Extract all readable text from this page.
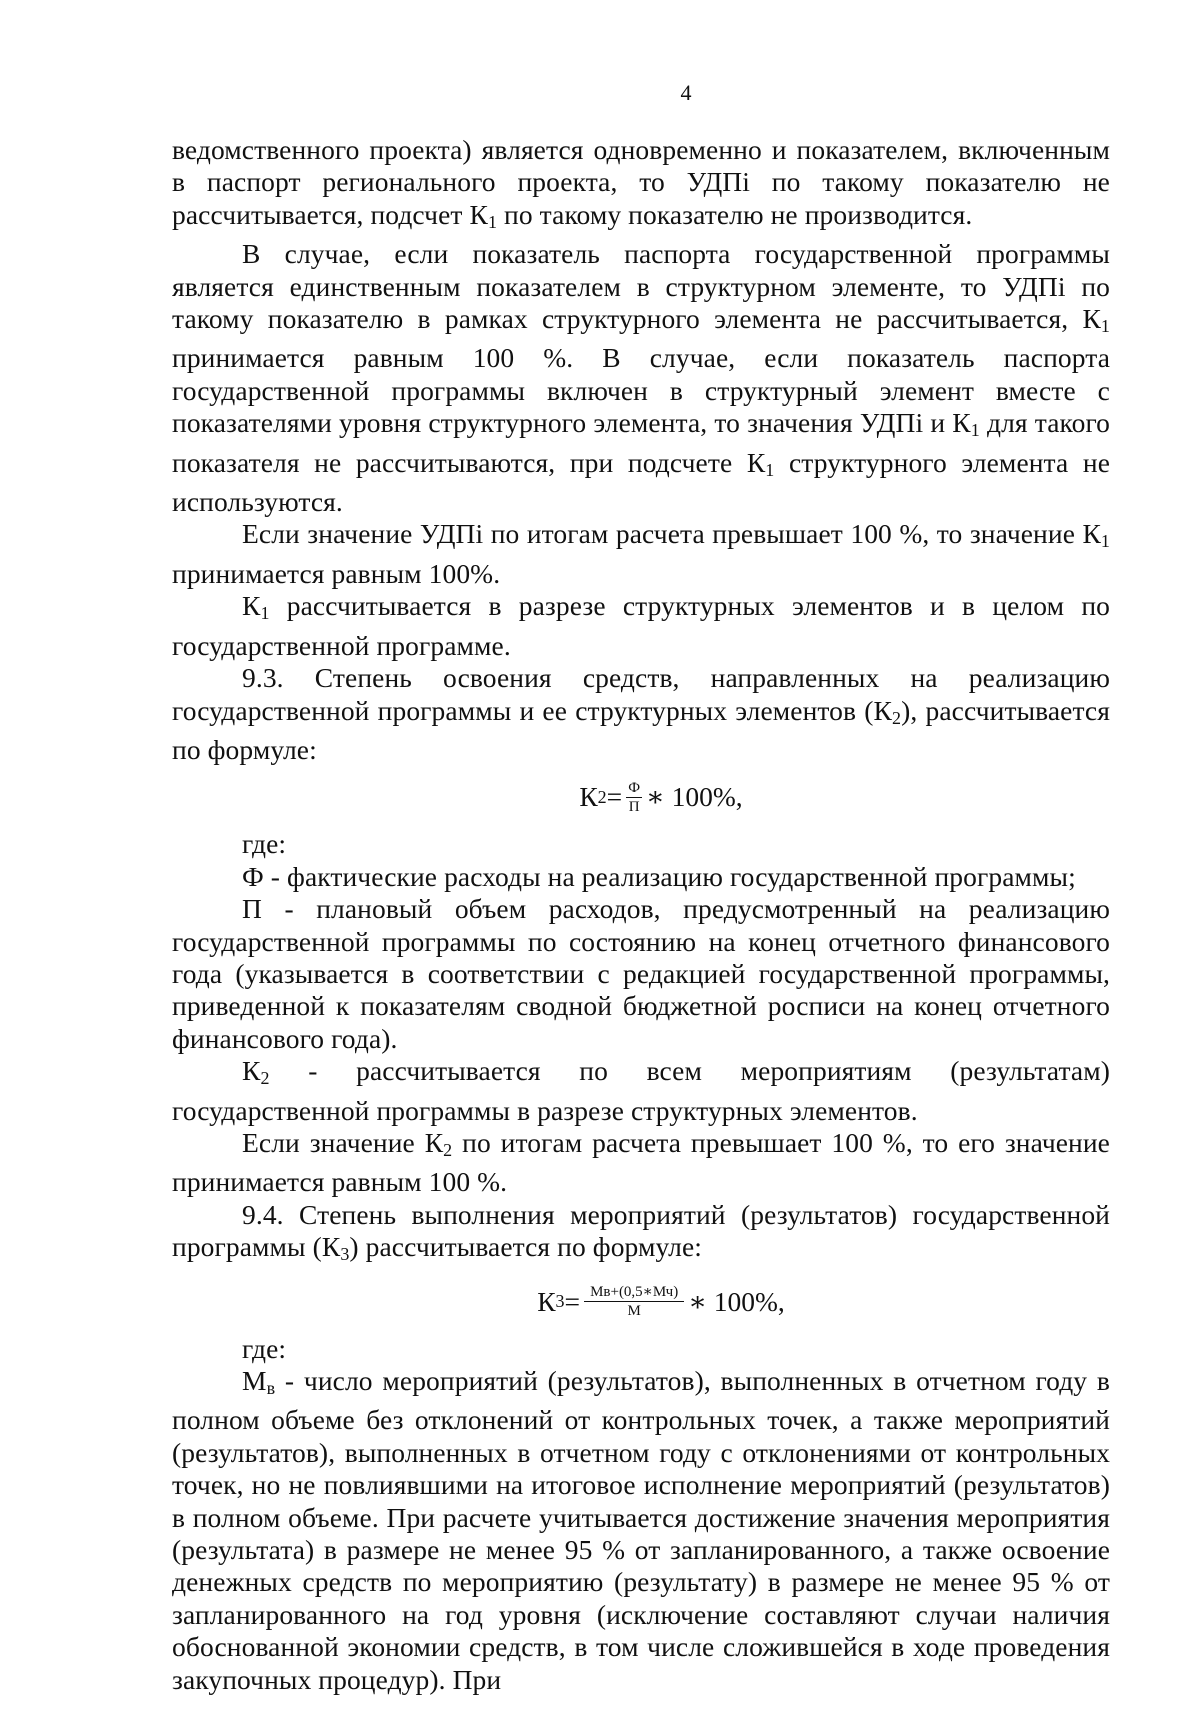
4

ведомственного проекта) является одновременно и показателем, включенным в паспорт регионального проекта, то УДПі по такому показателю не рассчитывается, подсчет $К_1$ по такому показателю не производится.

В случае, если показатель паспорта государственной программы является единственным показателем в структурном элементе, то УДПі по такому показателю в рамках структурного элемента не рассчитывается, $К_1$ принимается равным 100 %. В случае, если показатель паспорта государственной программы включен в структурный элемент вместе с показателями уровня структурного элемента, то значения УДПі и $К_1$ для такого показателя не рассчитываются, при подсчете $К_1$ структурного элемента не используются.

Если значение УДПі по итогам расчета превышает 100 %, то значение $К_1$ принимается равным 100%.

$К_1$ рассчитывается в разрезе структурных элементов и в целом по государственной программе.

9.3. Степень освоения средств, направленных на реализацию государственной программы и ее структурных элементов $(К_2)$, рассчитывается по формуле:

К $2 = \frac{Ф}{П}$ ∗ 100%,

где:

Ф - фактические расходы на реализацию государственной программы;

П - плановый объем расходов, предусмотренный на реализацию государственной программы по состоянию на конец отчетного финансового года (указывается в соответствии с редакцией государственной программы, приведенной к показателям сводной бюджетной росписи на конец отчетного финансового года).

$К_2$ - рассчитывается по всем мероприятиям (результатам) государственной программы в разрезе структурных элементов.

Если значение $К_2$ по итогам расчета превышает 100 %, то его значение принимается равным 100 %.

9.4. Степень выполнения мероприятий (результатов) государственной программы $(К_3)$ рассчитывается по формуле:

К $3 = \frac{Мв+(0,5∗Мч)}{М}$ ∗ 100%,

где:

$М_в$ - число мероприятий (результатов), выполненных в отчетном году в полном объеме без отклонений от контрольных точек, а также мероприятий (результатов), выполненных в отчетном году с отклонениями от контрольных точек, но не повлиявшими на итоговое исполнение мероприятий (результатов) в полном объеме. При расчете учитывается достижение значения мероприятия (результата) в размере не менее 95 % от запланированного, а также освоение денежных средств по мероприятию (результату) в размере не менее 95 % от запланированного на год уровня (исключение составляют случаи наличия обоснованной экономии средств, в том числе сложившейся в ходе проведения закупочных процедур). При
